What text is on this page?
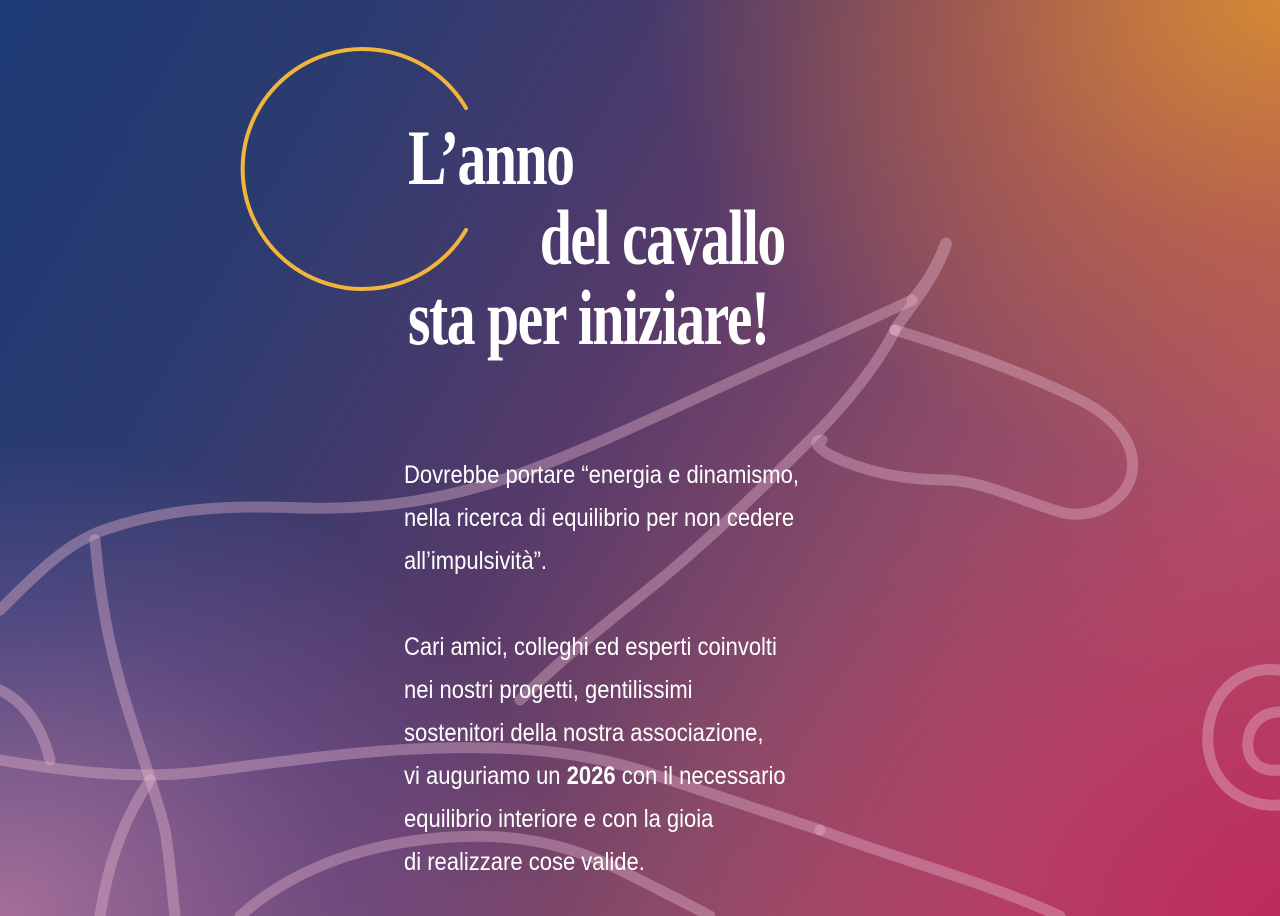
L’anno
del cavallo
sta per iniziare!

Dovrebbe portare “energia e dinamismo,
nella ricerca di equilibrio per non cedere
all’impulsività”.

Cari amici, colleghi ed esperti coinvolti
nei nostri progetti, gentilissimi
sostenitori della nostra associazione,
vi auguriamo un 2026 con il necessario
equilibrio interiore e con la gioia
di realizzare cose valide.
